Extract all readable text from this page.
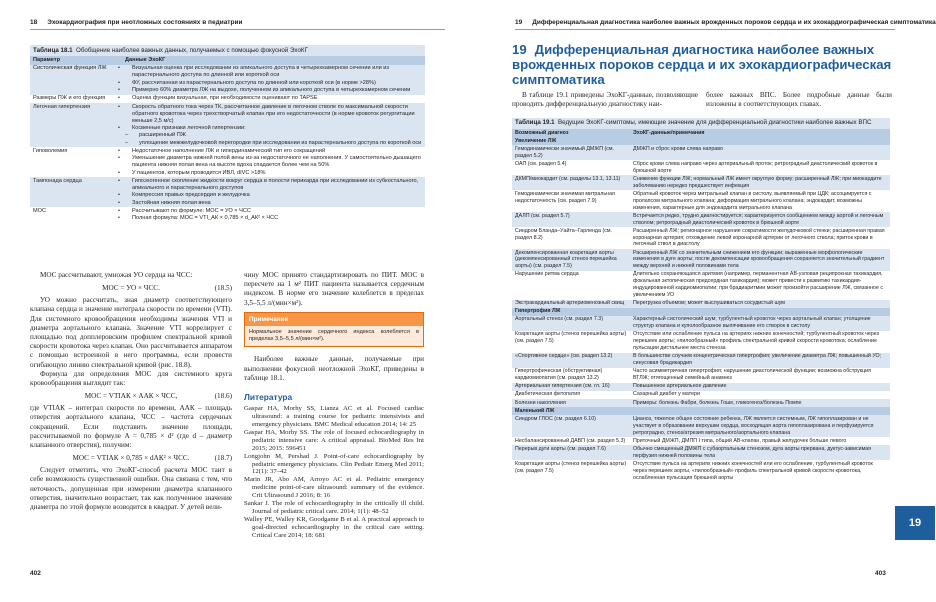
18 Эхокардиография при неотложных состояниях в педиатрии
Таблица 18.1 Обобщение наиболее важных данных, получаемых с помощью фокусной ЭхоКГ	
Параметр	Данные ЭхоКГ
Систолическая функция ЛЖ	• Визуальная оценка при исследовании из апикального доступа в четырехкамерном сечении или из парастернального доступа по длинной или короткой оси
• ФУ, рассчитанная из парастернального доступа по длинной или короткой оси (в норме >28%)
• Примерно 60% диаметра ЛЖ на выдохе, полученном из апикального доступа в четырехкамерном сечении

Размеры ПЖ и его функция	• Оценка функции визуальная, при необходимости оценивают по TAPSE

Легочная гипертензия	• Скорость обратного тока через ТК, рассчитанное давление в легочном стволе по максимальной скорости обратного кровотока через трехстворчатый клапан при его недостаточности (в норме кровоток регургитации меньше 2,5 м/с)
• Косвенные признаки легочной гипертензии:
– расширенный ПЖ
– уплощение межжелудочковой перегородки при исследовании из парастернального доступа по короткой оси

Гиповолемия	• Недостаточное наполнение ЛЖ и гипердинамический тип его сокращений
• Уменьшение диаметра нижней полой вены из-за недостаточного ее наполнения. У самостоятельно дышащего пациента нижняя полая вена на высоте вдоха спадается более чем на 50%
• У пациентов, которым проводится ИВЛ, dIVC >18%

Тампонада сердца	• Гипоэхогенное скопление жидкости вокруг сердца в полости перикарда при исследовании из субкостального, апикального и парастернального доступов
• Компрессия правых предсердия и желудочка
• Застойная нижняя полая вена

МОС	• Рассчитывают по формуле: МОС = УО × ЧСС
• Полная формула: МОС = VTI_АК × 0,785 × d_АК² × ЧСС

МОС рассчитывают, умножая УО сердца на ЧСС:

МОС = УО × ЧСС.	(18.5)

УО можно рассчитать, зная диаметр соответствующего клапана сердца и значение интеграла скорости по времени (VTI). Для системного кровообращения необходимы значения VTI и диаметра аортального клапана. Значение VTI коррелирует с площадью под допплеровским профилем спектральной кривой скорости кровотока через клапан. Оно рассчитывается аппаратом с помощью встроенной в него программы, если провести огибающую линию спектральной кривой (рис. 18.8).

Формула для определения МОС для системного круга кровообращения выглядит так:

МОС = VTIАК × AАК × ЧСС,	(18.6)

где VTIАК – интеграл скорости по времени, AАК – площадь отверстия аортального клапана, ЧСС – частота сердечных сокращений. Если подставить значение площади, рассчитываемой по формуле A = 0,785 × d² (где d – диаметр клапанного отверстия), получим:

МОС = VTIАК × 0,785 × dАК² × ЧСС.	(18.7)

Следует отметить, что ЭхоКГ-способ расчета МОС таит в себе возможность существенной ошибки. Она связана с тем, что неточность, допущенная при измерении диаметра клапанного отверстия, значительно возрастает, так как полученное значение диаметра по этой формуле возводится в квадрат. У детей вели-

чину МОС принято стандартизировать по ПИТ. МОС в пересчете на 1 м² ПИТ пациента называется сердечным индексом. В норме его значение колеблется в пределах 3,5–5,5 л/(мин×м²).

Примечание
Нормальное значение сердечного индекса колеблется в пределах 3,5–5,5 л/(мин×м²).

Наиболее важные данные, получаемые при выполнении фокусной неотложной ЭхоКГ, приведены в таблице 18.1.

Литература
Gaspar HA, Morhy SS, Lianza AC et al. Focused cardiac ultrasound: a training course for pediatric intensivists and emergency physicians. BMC Medical education 2014; 14: 25
Gaspar HA, Morhy SS. The role of focused echocardiography in pediatric intensive care: A critical appraisal. BioMed Res Int 2015; 2015: 596451
Longjohn M, Pershad J. Point-of-care echocardiography by pediatric emergency physicians. Clin Pediatr Emerg Med 2011; 12(1): 37–42
Marin JR, Abo AM, Arroyo AC et al. Pediatric emergency medicine point-of-care ultrasound: summary of the evidence. Crit Ultrasound J 2016; 8: 16
Sankar J. The role of echocardiography in the critically ill child. Journal of pediatric critical care. 2014; 1(1): 48–52
Walley PE, Walley KR, Goodgame B et al. A practical approach to goal-directed echocardiography in the critical care setting. Critical Care 2014; 18: 681
402
19 Дифференциальная диагностика наиболее важных врожденных пороков сердца и их эхокардиографическая симптоматика
19 Дифференциальная диагностика наиболее важных врожденных пороков сердца и их эхокардиографическая симптоматика

В таблице 19.1 приведены ЭхоКГ-данные, позволяющие проводить дифференциальную диагностику наи-

более важных ВПС. Более подробные данные были изложены в соответствующих главах.

Таблица 19.1 Ведущие ЭхоКГ-симптомы, имеющие значение для дифференциальной диагностики наиболее важных ВПС	
Возможный диагноз	ЭхоКГ-данные/примечания
Увеличение ЛЖ	
Гемодинамически значимый ДМЖП (см. раздел 5.2)	ДМЖП и сброс крови слева направо
ОАП (см. раздел 5.4)	Сброс крови слева направо через артериальный проток; ретроградный диастолический кровоток в брюшной аорте
ДКМП/миокардит (см. разделы 13.1, 13.11)	Снижение функции ЛЖ; нормальный ЛЖ имеет округлую форму; расширенный ЛЖ; при миокардите заболеванию нередко предшествует инфекция
Гемодинамически значимая митральная недостаточность (см. раздел 7.9)	Обратный кровоток через митральный клапан в систолу, выявляемый при ЦДК; ассоциируется с пролапсом митрального клапана; деформация митрального клапана; эндокардит, возможны изменения, характерные для эндокардита митрального клапана
ДАЛП (см. раздел 5.7)	Встречается редко, трудно диагностируется; характеризуется сообщением между аортой и легочным стволом; ретроградный диастолический кровоток в брюшной аорте
Синдром Бланда–Уайта–Гарленда (см. раздел 8.2)	Расширенный ЛЖ; регионарное нарушение сократимости желудочковой стенки; расширенная правая коронарная артерия; отхождение левой коронарной артерии от легочного ствола; приток крови в легочный ствол в диастолу
Декомпенсированная коарктация аорты (декомпенсированный стеноз перешейка аорты) (см. раздел 7.5)	Расширенный ЛЖ со значительным снижением его функции; выраженные морфологические изменения в дуге аорты; после декомпенсации кровообращения сохраняется значительный градиент между верхней и нижней половинами тела
Нарушение ритма сердца	Длительно сохраняющаяся аритмия (например, перманентная АВ-узловая реципрокная тахикардия, фокальная эктопическая предсердная тахикардия); может привести к развитию тахикардия-индуцированной кардиомиопатии; при брадиаритмии может произойти расширение ЛЖ, связанное с увеличением УО
Экстракардиальный артериовенозный свищ	Перегрузка объемом; может выслушиваться сосудистый шум
Гипертрофия ЛЖ	
Аортальный стеноз (см. раздел 7.3)	Характерный систолический шум; турбулентный кровоток через аортальный клапан; утолщение структур клапана и куполообразное выпячивание его створок в систолу
Коарктация аорты (стеноз перешейка аорты) (см. раздел 7.5)	Отсутствие или ослабление пульса на артериях нижних конечностей; турбулентный кровоток через перешеек аорты; «пилообразный» профиль спектральной кривой скорости кровотока; ослабление пульсации дистальнее места стеноза
«Спортивное сердце» (см. раздел 13.2)	В большинстве случаев концентрическая гипертрофия; увеличение диаметра ЛЖ; повышенный УО; синусовая брадикардия
Гипертрофическая (обструктивная) кардиомиопатия (см. раздел 13.2)	Часто асимметричная гипертрофия; нарушение диастолической функции; возможна обструкция ВТЛЖ; отягощенный семейный анамнез
Артериальная гипертензия (см. гл. 16)	Повышенное артериальное давление
Диабетическая фетопатия	Сахарный диабет у матери
Болезни накопления	Примеры: болезнь Фабри, болезнь Гоше, гликогеноз/болезнь Помпе
Маленький ЛЖ	
Синдром ГЛОС (см. раздел 6.10)	Цианоз, тяжелое общее состояние ребенка, ЛЖ является системным, ЛЖ гипоплазирован и не участвует в образовании верхушки сердца, восходящая аорта гипоплазирована и перфузируется ретроградно, стеноз/атрезия митрального/аортального клапана
Несбалансированный ДАВП (см. раздел 5.3)	Приточный ДМЖП, ДМПП I типа, общий АВ-клапан, правый желудочек больше левого
Перерыв дуги аорты (см. раздел 7.6)	Обычно смещенный ДМЖП с субаортальным стенозом, дуга аорты прервана, дуктус-зависимая перфузия нижней половины тела
Коарктация аорты (стеноз перешейка аорты) (см. раздел 7.5)	Отсутствие пульса на артериях нижних конечностей или его ослабление, турбулентный кровоток через перешеек аорты, «пилообразный» профиль спектральной кривой скорости кровотока, ослабленная пульсация брюшной аорты
403
19
